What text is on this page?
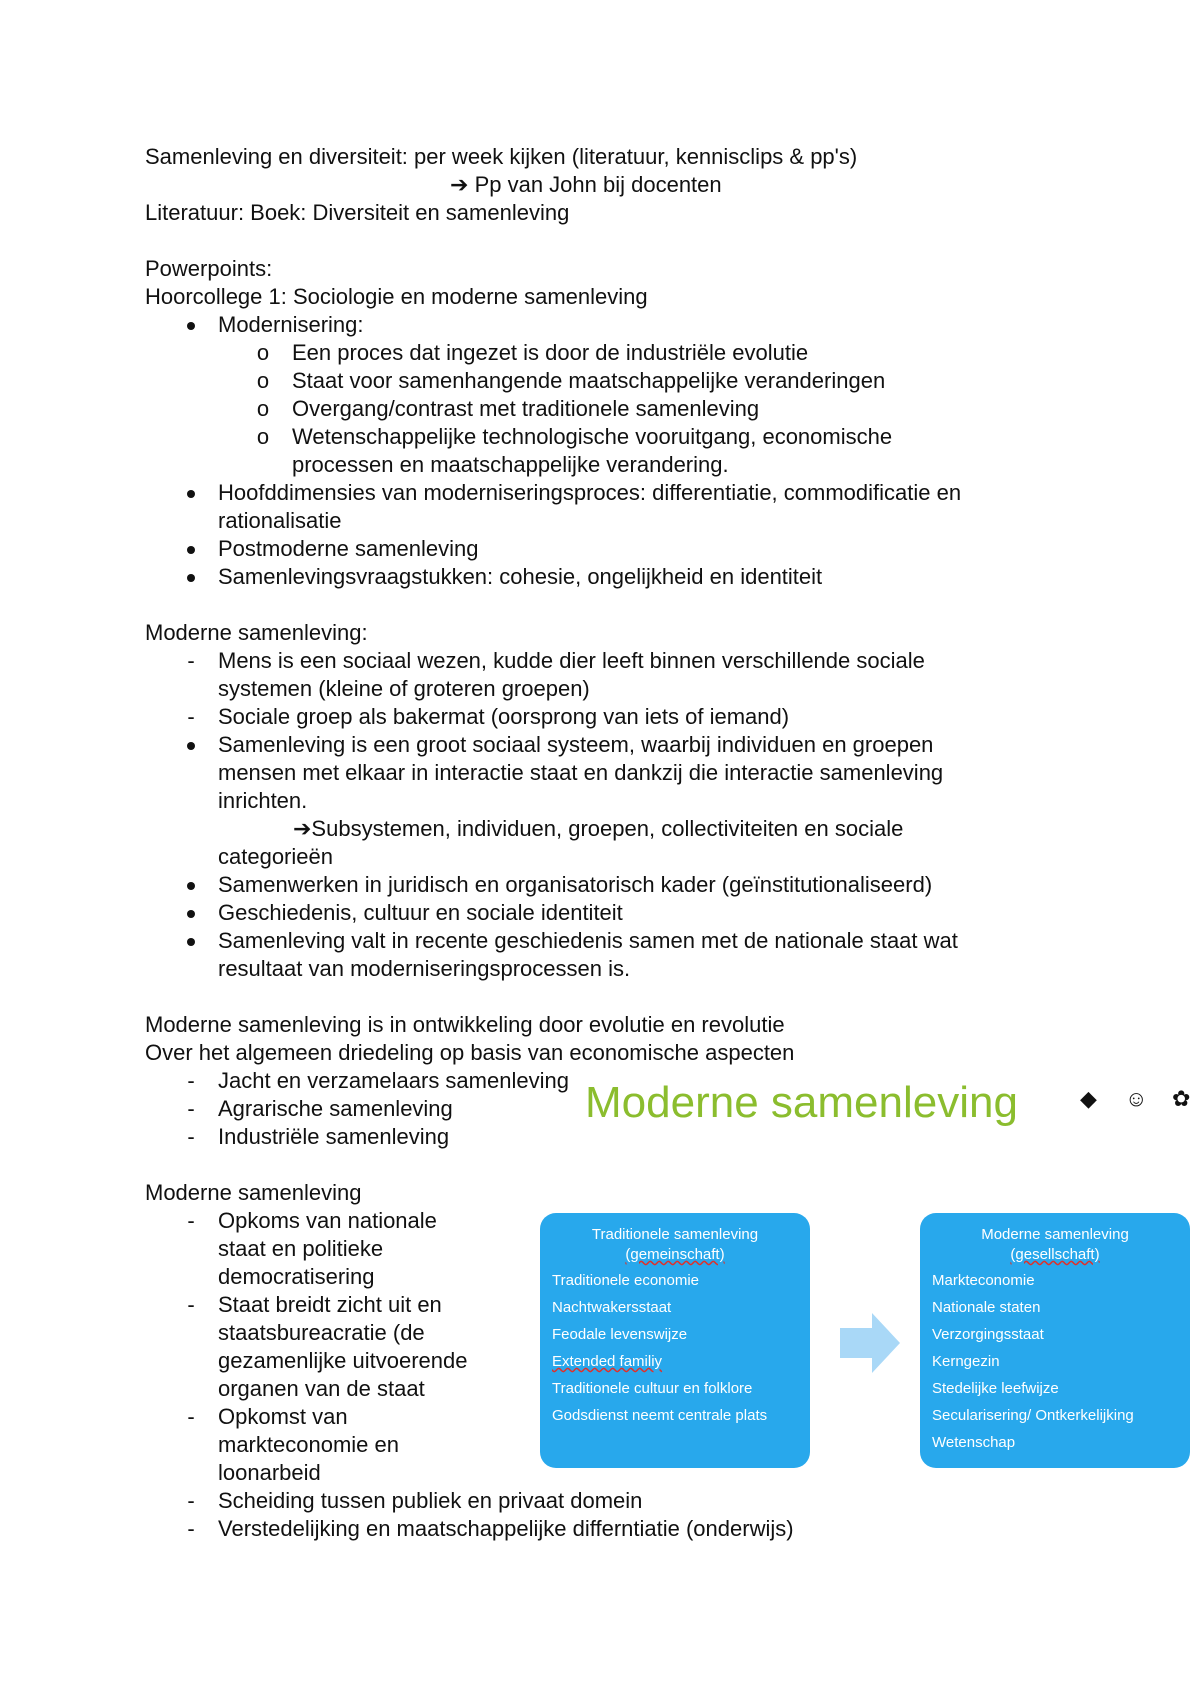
Samenleving en diversiteit: per week kijken (literatuur, kennisclips & pp's)
➔ Pp van John bij docenten
Literatuur: Boek: Diversiteit en samenleving
Powerpoints:
Hoorcollege 1: Sociologie en moderne samenleving
Modernisering:
o Een proces dat ingezet is door de industriële evolutie
o Staat voor samenhangende maatschappelijke veranderingen
o Overgang/contrast met traditionele samenleving
o Wetenschappelijke technologische vooruitgang, economische processen en maatschappelijke verandering.
Hoofddimensies van moderniseringsproces: differentiatie, commodificatie en rationalisatie
Postmoderne samenleving
Samenlevingsvraagstukken: cohesie, ongelijkheid en identiteit
Moderne samenleving:
- Mens is een sociaal wezen, kudde dier leeft binnen verschillende sociale systemen (kleine of groteren groepen)
- Sociale groep als bakermat (oorsprong van iets of iemand)
Samenleving is een groot sociaal systeem, waarbij individuen en groepen mensen met elkaar in interactie staat en dankzij die interactie samenleving inrichten.
➔Subsystemen, individuen, groepen, collectiviteiten en sociale
categorieën
Samenwerken in juridisch en organisatorisch kader (geïnstitutionaliseerd)
Geschiedenis, cultuur en sociale identiteit
Samenleving valt in recente geschiedenis samen met de nationale staat wat resultaat van moderniseringsprocessen is.
Moderne samenleving is in ontwikkeling door evolutie en revolutie
Over het algemeen driedeling op basis van economische aspecten
- Jacht en verzamelaars samenleving
- Agrarische samenleving
- Industriële samenleving
Moderne samenleving
- Opkoms van nationale staat en politieke democratisering
- Staat breidt zicht uit en staatsbureacratie (de gezamenlijke uitvoerende organen van de staat
- Opkomst van markteconomie en loonarbeid
- Scheiding tussen publiek en privaat domein
- Verstedelijking en maatschappelijke differntiatie (onderwijs)
Moderne samenleving	◆ ☺ ✿
Traditionele samenleving
(gemeinschaft)
Traditionele economie
Nachtwakersstaat
Feodale levenswijze
Extended familiy
Traditionele cultuur en folklore
Godsdienst neemt centrale plats
Moderne samenleving
(gesellschaft)
Markteconomie
Nationale staten
Verzorgingsstaat
Kerngezin
Stedelijke leefwijze
Secularisering/ Ontkerkelijking
Wetenschap
